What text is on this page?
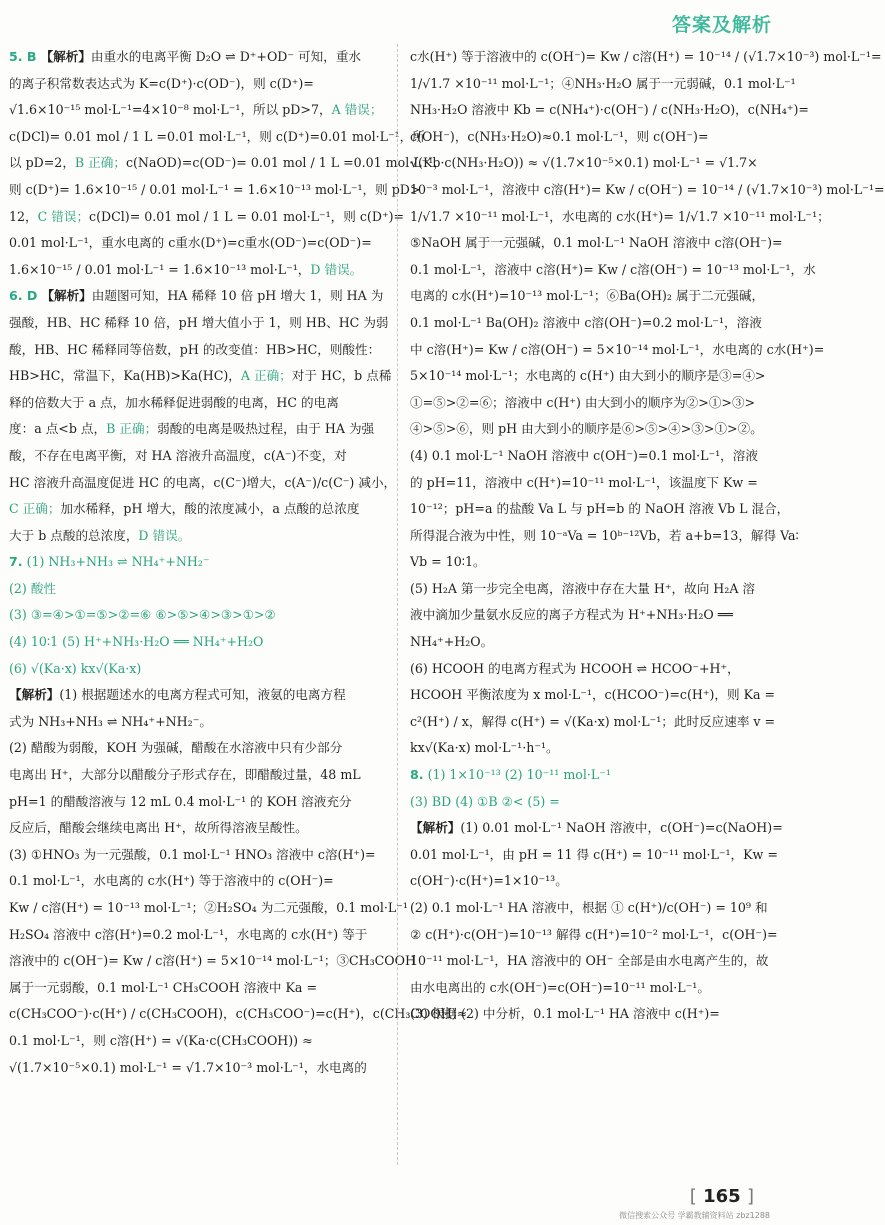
答案及解析
5. B 【解析】由重水的电离平衡 D₂O ⇌ D⁺+OD⁻ 可知，重水
的离子积常数表达式为 K=c(D⁺)·c(OD⁻)，则 c(D⁺)=
√1.6×10⁻¹⁵ mol·L⁻¹=4×10⁻⁸ mol·L⁻¹，所以 pD>7，A 错误；
c(DCl)= 0.01 mol / 1 L =0.01 mol·L⁻¹，则 c(D⁺)=0.01 mol·L⁻¹，所
以 pD=2，B 正确；c(NaOD)=c(OD⁻)= 0.01 mol / 1 L =0.01 mol·L⁻¹，
则 c(D⁺)= 1.6×10⁻¹⁵ / 0.01 mol·L⁻¹ = 1.6×10⁻¹³ mol·L⁻¹，则 pD>
12，C 错误；c(DCl)= 0.01 mol / 1 L = 0.01 mol·L⁻¹，则 c(D⁺)=
0.01 mol·L⁻¹，重水电离的 c重水(D⁺)=c重水(OD⁻)=c(OD⁻)=
1.6×10⁻¹⁵ / 0.01 mol·L⁻¹ = 1.6×10⁻¹³ mol·L⁻¹，D 错误。
6. D 【解析】由题图可知，HA 稀释 10 倍 pH 增大 1，则 HA 为
强酸，HB、HC 稀释 10 倍，pH 增大值小于 1，则 HB、HC 为弱
酸，HB、HC 稀释同等倍数，pH 的改变值：HB>HC，则酸性：
HB>HC，常温下，Ka(HB)>Ka(HC)，A 正确；对于 HC，b 点稀
释的倍数大于 a 点，加水稀释促进弱酸的电离，HC 的电离
度：a 点<b 点，B 正确；弱酸的电离是吸热过程，由于 HA 为强
酸，不存在电离平衡，对 HA 溶液升高温度，c(A⁻)不变，对
HC 溶液升高温度促进 HC 的电离，c(C⁻)增大，c(A⁻)/c(C⁻) 减小，
C 正确；加水稀释，pH 增大，酸的浓度减小，a 点酸的总浓度
大于 b 点酸的总浓度，D 错误。
7. (1) NH₃+NH₃ ⇌ NH₄⁺+NH₂⁻
(2) 酸性
(3) ③=④>①=⑤>②=⑥ ⑥>⑤>④>③>①>②
(4) 10∶1 (5) H⁺+NH₃·H₂O ══ NH₄⁺+H₂O
(6) √(Ka·x) kx√(Ka·x)
【解析】(1) 根据题述水的电离方程式可知，液氨的电离方程
式为 NH₃+NH₃ ⇌ NH₄⁺+NH₂⁻。
(2) 醋酸为弱酸，KOH 为强碱，醋酸在水溶液中只有少部分
电离出 H⁺，大部分以醋酸分子形式存在，即醋酸过量，48 mL
pH=1 的醋酸溶液与 12 mL 0.4 mol·L⁻¹ 的 KOH 溶液充分
反应后，醋酸会继续电离出 H⁺，故所得溶液呈酸性。
(3) ①HNO₃ 为一元强酸，0.1 mol·L⁻¹ HNO₃ 溶液中 c溶(H⁺)=
0.1 mol·L⁻¹，水电离的 c水(H⁺) 等于溶液中的 c(OH⁻)=
Kw / c溶(H⁺) = 10⁻¹³ mol·L⁻¹；②H₂SO₄ 为二元强酸，0.1 mol·L⁻¹
H₂SO₄ 溶液中 c溶(H⁺)=0.2 mol·L⁻¹，水电离的 c水(H⁺) 等于
溶液中的 c(OH⁻)= Kw / c溶(H⁺) = 5×10⁻¹⁴ mol·L⁻¹；③CH₃COOH
属于一元弱酸，0.1 mol·L⁻¹ CH₃COOH 溶液中 Ka =
c(CH₃COO⁻)·c(H⁺) / c(CH₃COOH)，c(CH₃COO⁻)=c(H⁺)，c(CH₃COOH)≈
0.1 mol·L⁻¹，则 c溶(H⁺) = √(Ka·c(CH₃COOH)) ≈
√(1.7×10⁻⁵×0.1) mol·L⁻¹ = √1.7×10⁻³ mol·L⁻¹，水电离的
c水(H⁺) 等于溶液中的 c(OH⁻)= Kw / c溶(H⁺) = 10⁻¹⁴ / (√1.7×10⁻³) mol·L⁻¹=
1/√1.7 ×10⁻¹¹ mol·L⁻¹；④NH₃·H₂O 属于一元弱碱，0.1 mol·L⁻¹
NH₃·H₂O 溶液中 Kb = c(NH₄⁺)·c(OH⁻) / c(NH₃·H₂O)，c(NH₄⁺)=
c(OH⁻)，c(NH₃·H₂O)≈0.1 mol·L⁻¹，则 c(OH⁻)=
√(Kb·c(NH₃·H₂O)) ≈ √(1.7×10⁻⁵×0.1) mol·L⁻¹ = √1.7×
10⁻³ mol·L⁻¹，溶液中 c溶(H⁺)= Kw / c(OH⁻) = 10⁻¹⁴ / (√1.7×10⁻³) mol·L⁻¹=
1/√1.7 ×10⁻¹¹ mol·L⁻¹，水电离的 c水(H⁺)= 1/√1.7 ×10⁻¹¹ mol·L⁻¹；
⑤NaOH 属于一元强碱，0.1 mol·L⁻¹ NaOH 溶液中 c溶(OH⁻)=
0.1 mol·L⁻¹，溶液中 c溶(H⁺)= Kw / c溶(OH⁻) = 10⁻¹³ mol·L⁻¹，水
电离的 c水(H⁺)=10⁻¹³ mol·L⁻¹；⑥Ba(OH)₂ 属于二元强碱，
0.1 mol·L⁻¹ Ba(OH)₂ 溶液中 c溶(OH⁻)=0.2 mol·L⁻¹，溶液
中 c溶(H⁺)= Kw / c溶(OH⁻) = 5×10⁻¹⁴ mol·L⁻¹，水电离的 c水(H⁺)=
5×10⁻¹⁴ mol·L⁻¹；水电离的 c(H⁺) 由大到小的顺序是③=④>
①=⑤>②=⑥；溶液中 c(H⁺) 由大到小的顺序为②>①>③>
④>⑤>⑥，则 pH 由大到小的顺序是⑥>⑤>④>③>①>②。
(4) 0.1 mol·L⁻¹ NaOH 溶液中 c(OH⁻)=0.1 mol·L⁻¹，溶液
的 pH=11，溶液中 c(H⁺)=10⁻¹¹ mol·L⁻¹，该温度下 Kw =
10⁻¹²；pH=a 的盐酸 Va L 与 pH=b 的 NaOH 溶液 Vb L 混合，
所得混合液为中性，则 10⁻ᵃVa = 10ᵇ⁻¹²Vb，若 a+b=13，解得 Va∶
Vb = 10∶1。
(5) H₂A 第一步完全电离，溶液中存在大量 H⁺，故向 H₂A 溶
液中滴加少量氨水反应的离子方程式为 H⁺+NH₃·H₂O ══
NH₄⁺+H₂O。
(6) HCOOH 的电离方程式为 HCOOH ⇌ HCOO⁻+H⁺，
HCOOH 平衡浓度为 x mol·L⁻¹，c(HCOO⁻)=c(H⁺)，则 Ka =
c²(H⁺) / x，解得 c(H⁺) = √(Ka·x) mol·L⁻¹；此时反应速率 v =
kx√(Ka·x) mol·L⁻¹·h⁻¹。
8. (1) 1×10⁻¹³ (2) 10⁻¹¹ mol·L⁻¹
(3) BD (4) ①B ②< (5) =
【解析】(1) 0.01 mol·L⁻¹ NaOH 溶液中，c(OH⁻)=c(NaOH)=
0.01 mol·L⁻¹，由 pH = 11 得 c(H⁺) = 10⁻¹¹ mol·L⁻¹，Kw =
c(OH⁻)·c(H⁺)=1×10⁻¹³。
(2) 0.1 mol·L⁻¹ HA 溶液中，根据 ① c(H⁺)/c(OH⁻) = 10⁹ 和
② c(H⁺)·c(OH⁻)=10⁻¹³ 解得 c(H⁺)=10⁻² mol·L⁻¹，c(OH⁻)=
10⁻¹¹ mol·L⁻¹，HA 溶液中的 OH⁻ 全部是由水电离产生的，故
由水电离出的 c水(OH⁻)=c(OH⁻)=10⁻¹¹ mol·L⁻¹。
(3) 根据 (2) 中分析，0.1 mol·L⁻¹ HA 溶液中 c(H⁺)=
[ 165 ]
微信搜索公众号 学霸教辅资料站 zbz1288
